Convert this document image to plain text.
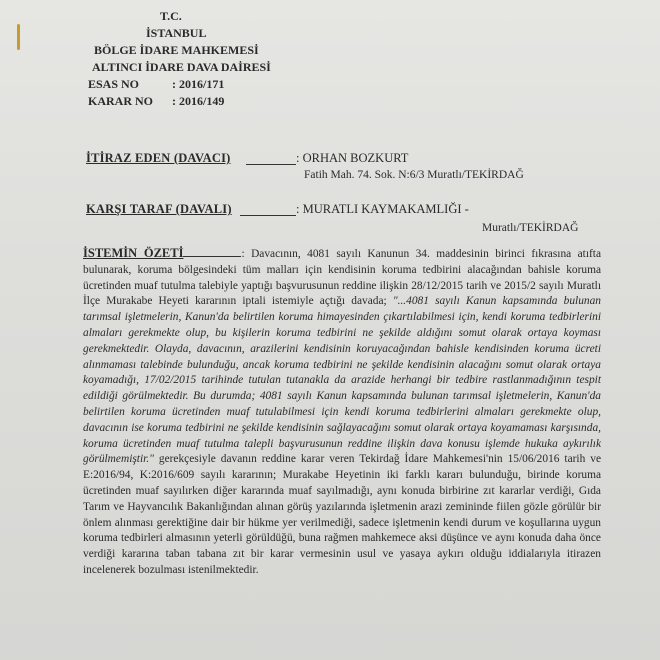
T.C.
İSTANBUL
BÖLGE İDARE MAHKEMESİ
ALTINCI İDARE DAVA DAİRESİ
ESAS NO	: 2016/171
KARAR NO : 2016/149
İTİRAZ EDEN (DAVACI)	: ORHAN BOZKURT
Fatih Mah. 74. Sok. N:6/3 Muratlı/TEKİRDAĞ
KARŞI TARAF (DAVALI)	: MURATLI KAYMAKAMLIĞI -
Muratlı/TEKİRDAĞ
İSTEMİN ÖZETİ	: Davacının, 4081 sayılı Kanunun 34. maddesinin birinci fıkrasına atıfta bulunarak, koruma bölgesindeki tüm malları için kendisinin koruma tedbirini alacağından bahisle koruma ücretinden muaf tutulma talebiyle yaptığı başvurusunun reddine ilişkin 28/12/2015 tarih ve 2015/2 sayılı Muratlı İlçe Murakabe Heyeti kararının iptali istemiyle açtığı davada; "...4081 sayılı Kanun kapsamında bulunan tarımsal işletmelerin, Kanun'da belirtilen koruma himayesinden çıkartılabilmesi için, kendi koruma tedbirlerini almaları gerekmekte olup, bu kişilerin koruma tedbirini ne şekilde aldığını somut olarak ortaya koyması gerekmektedir. Olayda, davacının, arazilerini kendisinin koruyacağından bahisle kendisinden koruma ücreti alınmaması talebinde bulunduğu, ancak koruma tedbirini ne şekilde kendisinin alacağını somut olarak ortaya koyamadığı, 17/02/2015 tarihinde tutulan tutanakla da arazide herhangi bir tedbire rastlanmadığının tespit edildiği görülmektedir. Bu durumda; 4081 sayılı Kanun kapsamında bulunan tarımsal işletmelerin, Kanun'da belirtilen koruma ücretinden muaf tutulabilmesi için kendi koruma tedbirlerini almaları gerekmekte olup, davacının ise koruma tedbirini ne şekilde kendisinin sağlayacağını somut olarak ortaya koyamaması karşısında, koruma ücretinden muaf tutulma talepli başvurusunun reddine ilişkin dava konusu işlemde hukuka aykırılık görülmemiştir." gerekçesiyle davanın reddine karar veren Tekirdağ İdare Mahkemesi'nin 15/06/2016 tarih ve E:2016/94, K:2016/609 sayılı kararının; Murakabe Heyetinin iki farklı kararı bulunduğu, birinde koruma ücretinden muaf sayılırken diğer kararında muaf sayılmadığı, aynı konuda birbirine zıt kararlar verdiği, Gıda Tarım ve Hayvancılık Bakanlığından alınan görüş yazılarında işletmenin arazi zemininde fiilen gözle görülür bir önlem alınması gerektiğine dair bir hükme yer verilmediği, sadece işletmenin kendi durum ve koşullarına uygun koruma tedbirleri almasının yeterli görüldüğü, buna rağmen mahkemece aksi düşünce ve aynı konuda daha önce verdiği kararına taban tabana zıt bir karar vermesinin usul ve yasaya aykırı olduğu iddialarıyla itirazen incelenerek bozulması istenilmektedir.
